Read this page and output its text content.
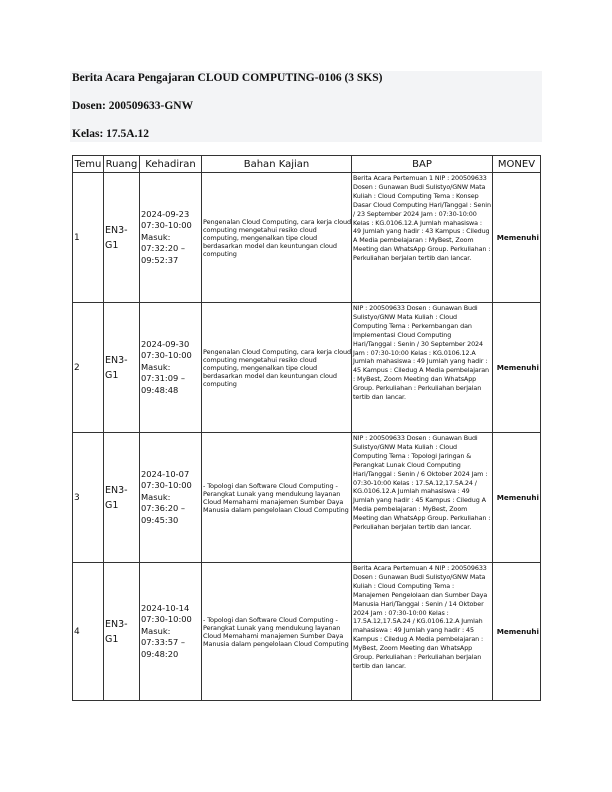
Berita Acara Pengajaran CLOUD COMPUTING-0106 (3 SKS)
Dosen: 200509633-GNW
Kelas: 17.5A.12
Temu	Ruang	Kehadiran	Bahan Kajian	BAP	MONEV
1	EN3-G1	2024-09-23 07:30-10:00 Masuk: 07:32:20 – 09:52:37	Pengenalan Cloud Computing, cara kerja cloud computing mengetahui resiko cloud computing, mengenalkan tipe cloud berdasarkan model dan keuntungan cloud computing	Berita Acara Pertemuan 1 NIP : 200509633 Dosen : Gunawan Budi Sulistyo/GNW Mata Kuliah : Cloud Computing Tema : Konsep Dasar Cloud Computing Hari/Tanggal : Senin / 23 September 2024 Jam : 07:30-10:00 Kelas : KG.0106.12.A Jumlah mahasiswa : 49 Jumlah yang hadir : 43 Kampus : Ciledug A Media pembelajaran : MyBest, Zoom Meeting dan WhatsApp Group. Perkuliahan : Perkuliahan berjalan tertib dan lancar.	Memenuhi
2	EN3-G1	2024-09-30 07:30-10:00 Masuk: 07:31:09 – 09:48:48	Pengenalan Cloud Computing, cara kerja cloud computing mengetahui resiko cloud computing, mengenalkan tipe cloud berdasarkan model dan keuntungan cloud computing	NIP : 200509633 Dosen : Gunawan Budi Sulistyo/GNW Mata Kuliah : Cloud Computing Tema : Perkembangan dan Implementasi Cloud Computing Hari/Tanggal : Senin / 30 September 2024 Jam : 07:30-10:00 Kelas : KG.0106.12.A Jumlah mahasiswa : 49 Jumlah yang hadir : 45 Kampus : Ciledug A Media pembelajaran : MyBest, Zoom Meeting dan WhatsApp Group. Perkuliahan : Perkuliahan berjalan tertib dan lancar.	Memenuhi
3	EN3-G1	2024-10-07 07:30-10:00 Masuk: 07:36:20 – 09:45:30	- Topologi dan Software Cloud Computing - Perangkat Lunak yang mendukung layanan Cloud Memahami manajemen Sumber Daya Manusia dalam pengelolaan Cloud Computing	NIP : 200509633 Dosen : Gunawan Budi Sulistyo/GNW Mata Kuliah : Cloud Computing Tema : Topologi Jaringan & Perangkat Lunak Cloud Computing Hari/Tanggal : Senin / 6 Oktober 2024 Jam : 07:30-10:00 Kelas : 17.5A.12,17.5A.24 / KG.0106.12.A Jumlah mahasiswa : 49 Jumlah yang hadir : 45 Kampus : Ciledug A Media pembelajaran : MyBest, Zoom Meeting dan WhatsApp Group. Perkuliahan : Perkuliahan berjalan tertib dan lancar.	Memenuhi
4	EN3-G1	2024-10-14 07:30-10:00 Masuk: 07:33:57 – 09:48:20	- Topologi dan Software Cloud Computing - Perangkat Lunak yang mendukung layanan Cloud Memahami manajemen Sumber Daya Manusia dalam pengelolaan Cloud Computing	Berita Acara Pertemuan 4 NIP : 200509633 Dosen : Gunawan Budi Sulistyo/GNW Mata Kuliah : Cloud Computing Tema : Manajemen Pengelolaan dan Sumber Daya Manusia Hari/Tanggal : Senin / 14 Oktober 2024 Jam : 07:30-10:00 Kelas : 17.5A.12,17.5A.24 / KG.0106.12.A Jumlah mahasiswa : 49 Jumlah yang hadir : 45 Kampus : Ciledug A Media pembelajaran : MyBest, Zoom Meeting dan WhatsApp Group. Perkuliahan : Perkuliahan berjalan tertib dan lancar.	Memenuhi
